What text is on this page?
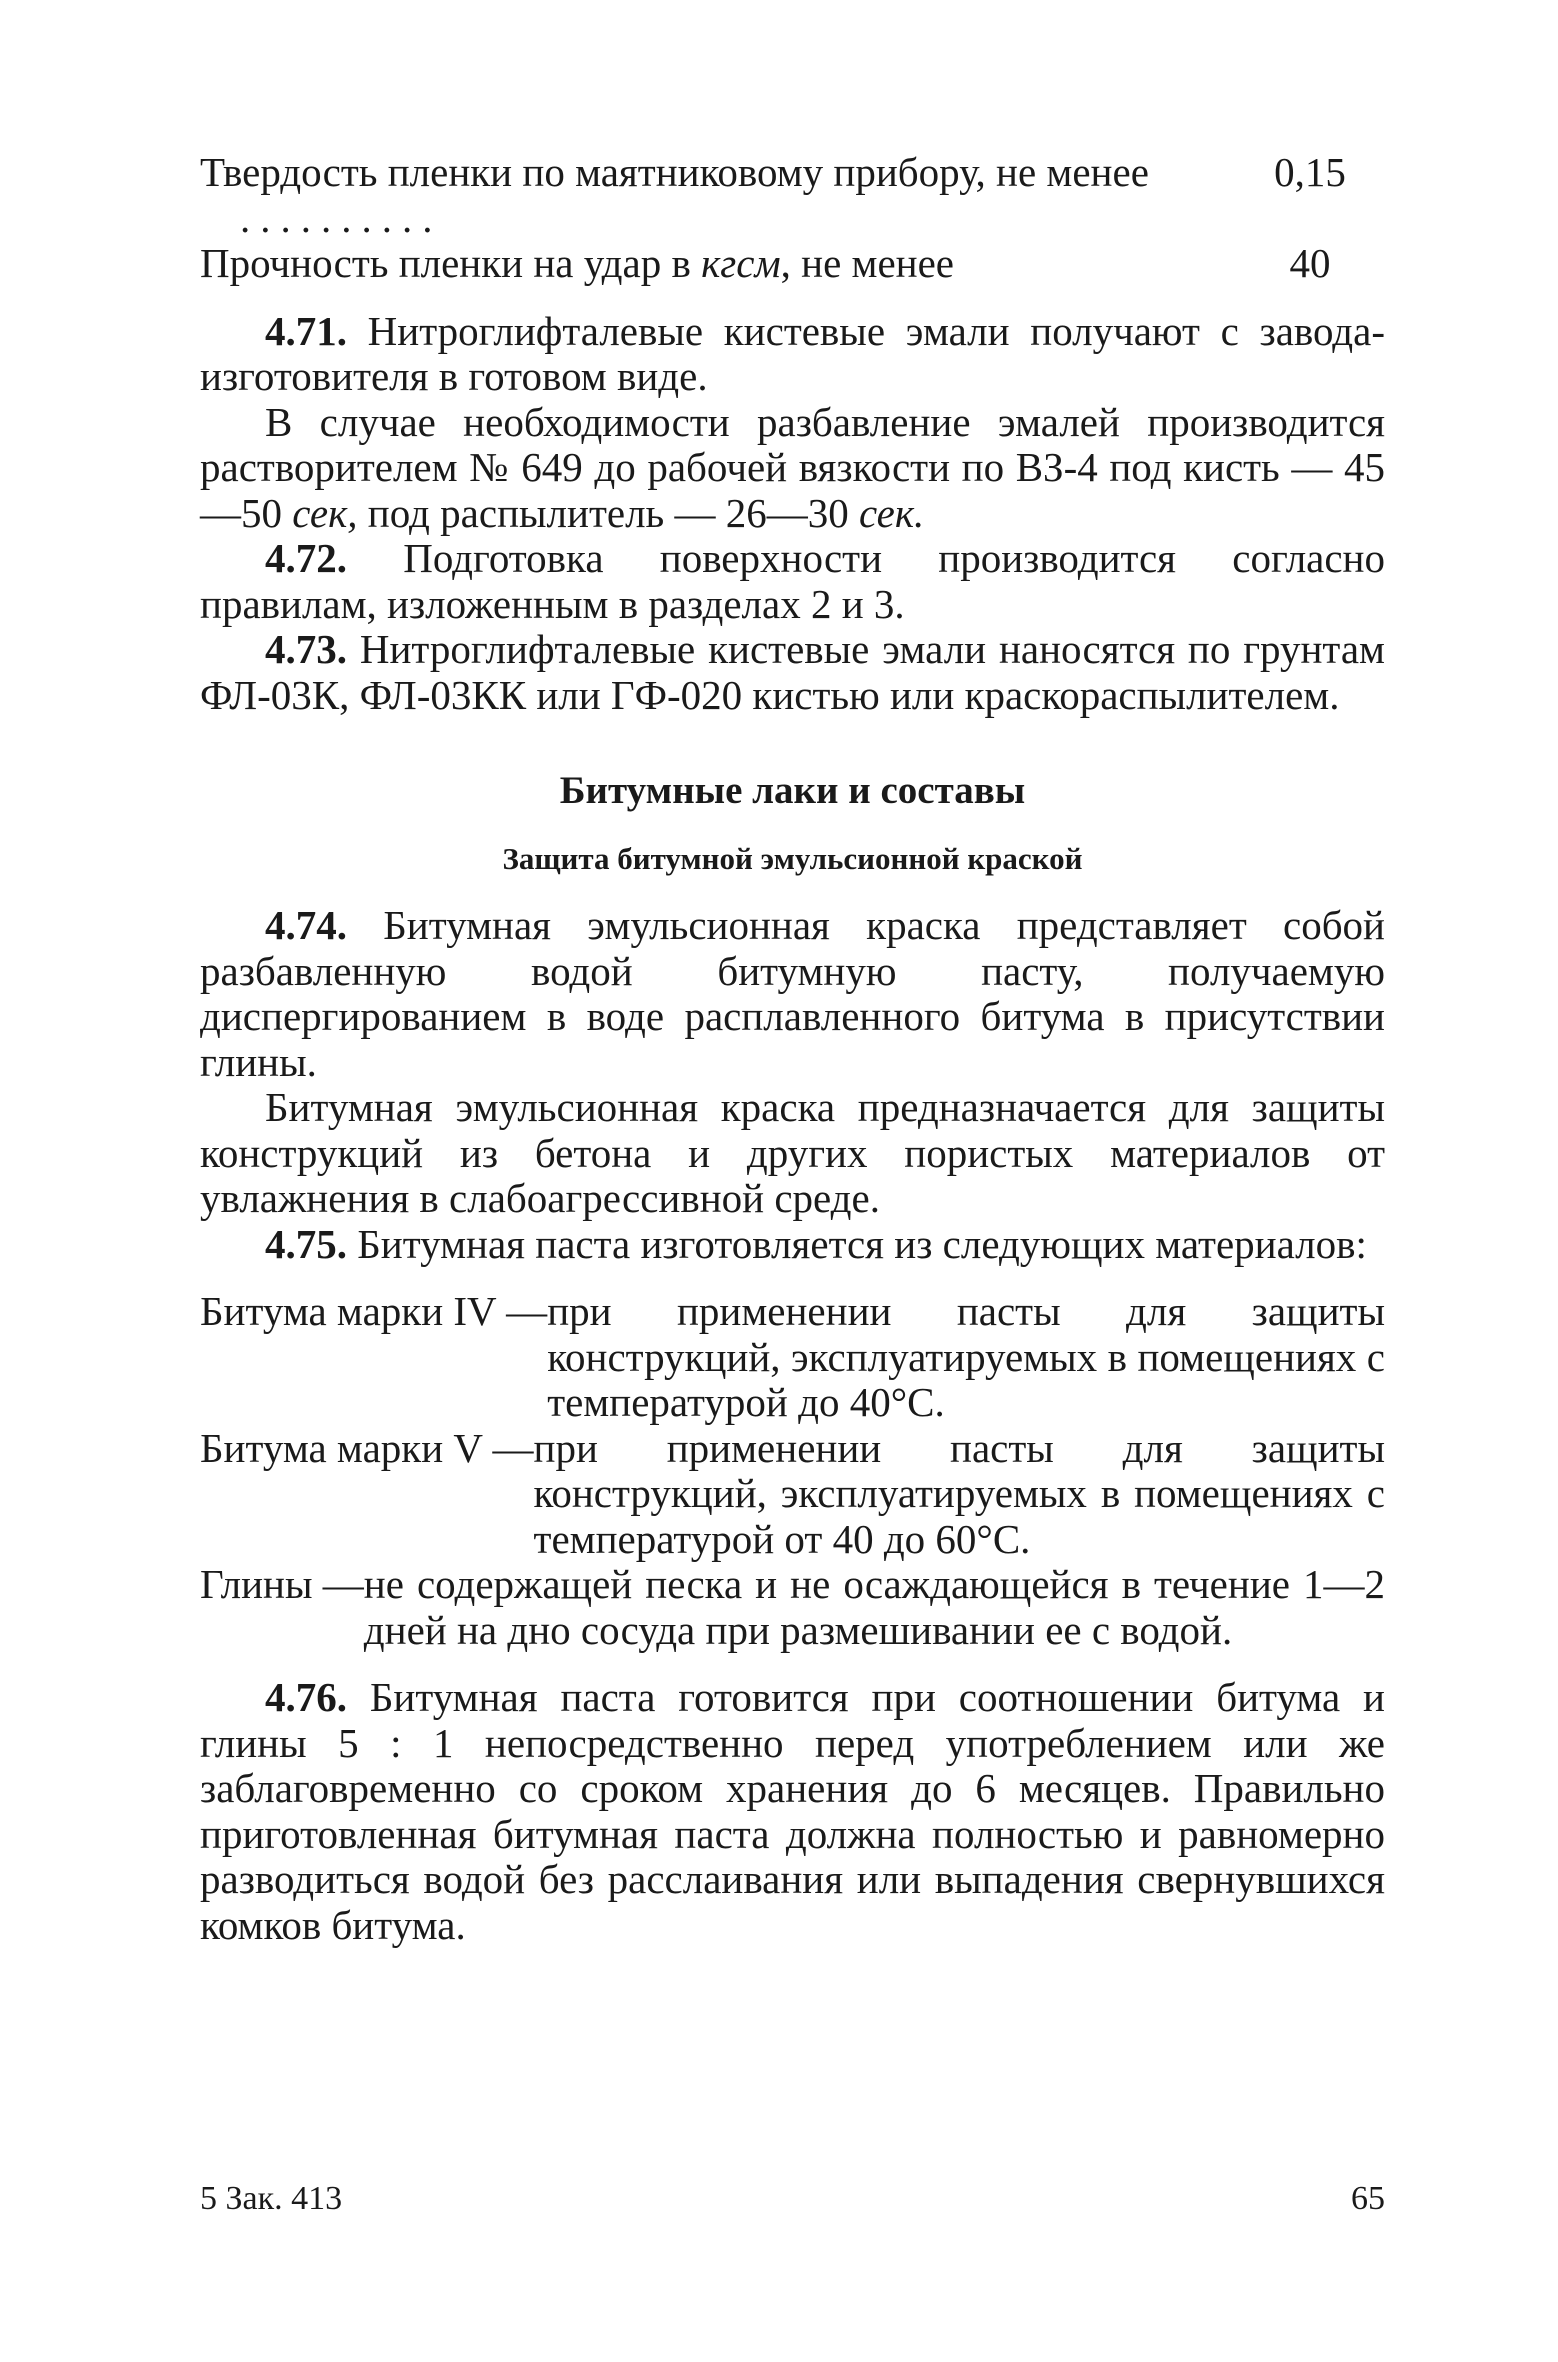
Твердость пленки по маятниковому прибору, не менее ..........
0,15
Прочность пленки на удар в кгсм, не менее	40

4.71. Нитроглифталевые кистевые эмали получают с завода-изготовителя в готовом виде.

В случае необходимости разбавление эмалей производится растворителем № 649 до рабочей вязкости по ВЗ-4 под кисть — 45—50 сек, под распылитель — 26—30 сек.

4.72. Подготовка поверхности производится согласно правилам, изложенным в разделах 2 и 3.

4.73. Нитроглифталевые кистевые эмали наносятся по грунтам ФЛ-03К, ФЛ-03КК или ГФ-020 кистью или краскораспылителем.

Битумные лаки и составы
Защита битумной эмульсионной краской

4.74. Битумная эмульсионная краска представляет собой разбавленную водой битумную пасту, получаемую диспергированием в воде расплавленного битума в присутствии глины.

Битумная эмульсионная краска предназначается для защиты конструкций из бетона и других пористых материалов от увлажнения в слабоагрессивной среде.

4.75. Битумная паста изготовляется из следующих материалов:

Битума марки IV — при применении пасты для защиты конструкций, эксплуатируемых в помещениях с температурой до 40°С.
Битума марки V — при применении пасты для защиты конструкций, эксплуатируемых в помещениях с температурой от 40 до 60°С.
Глины — не содержащей песка и не осаждающейся в течение 1—2 дней на дно сосуда при размешивании ее с водой.

4.76. Битумная паста готовится при соотношении битума и глины 5 : 1 непосредственно перед употреблением или же заблаговременно со сроком хранения до 6 месяцев. Правильно приготовленная битумная паста должна полностью и равномерно разводиться водой без расслаивания или выпадения свернувшихся комков битума.

5 Зак. 413	65
